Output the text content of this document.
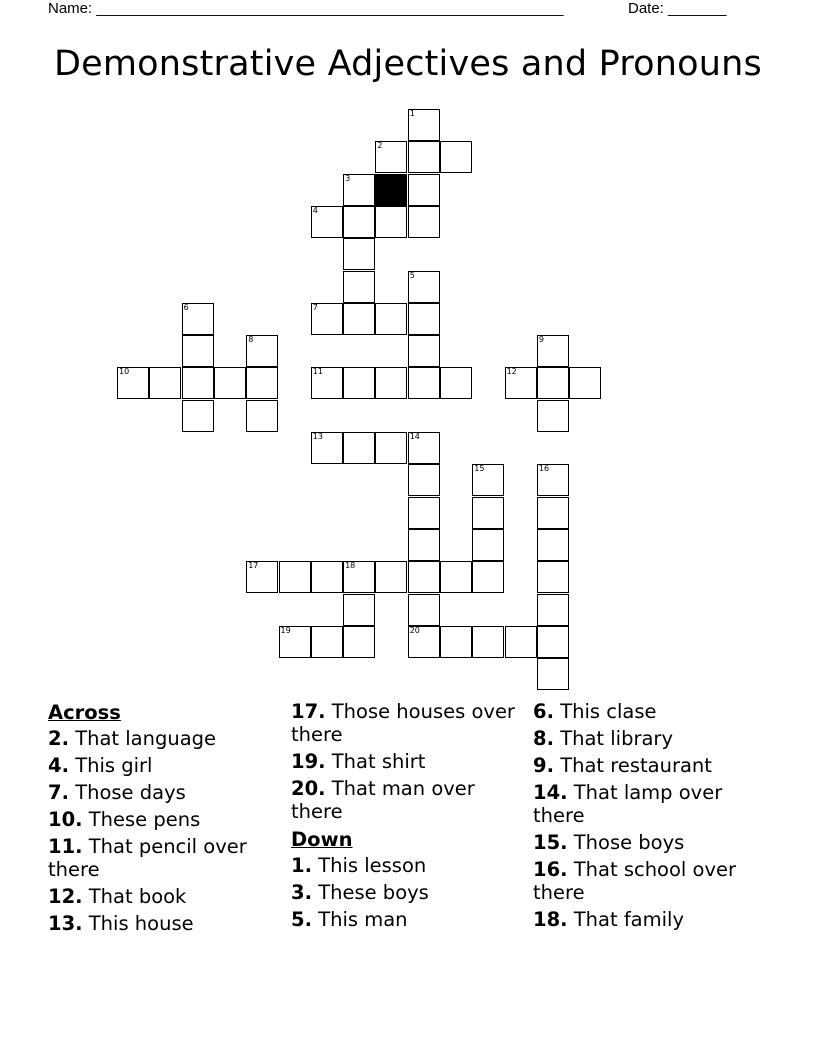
Name: ________________________________________________________	Date: _______
Demonstrative Adjectives and Pronouns
1
2
3
4
5
6	7
8	9
10	11	12
13	14
15	16
17	18
19	20
Across
2. That language
4. This girl
7. Those days
10. These pens
11. That pencil over there
12. That book
13. This house
17. Those houses over there
19. That shirt
20. That man over there
Down
1. This lesson
3. These boys
5. This man
6. This clase
8. That library
9. That restaurant
14. That lamp over there
15. Those boys
16. That school over there
18. That family
